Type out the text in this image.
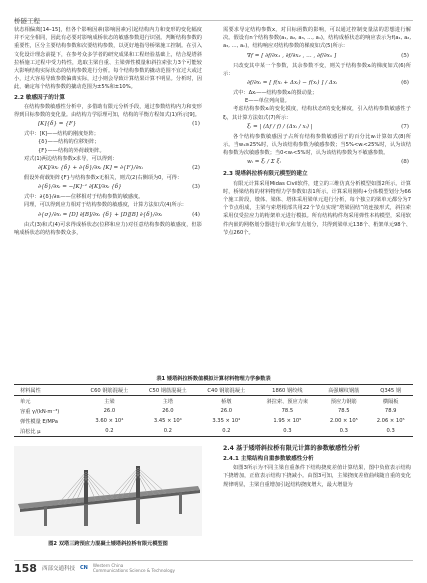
桥隧工程

状态相偏离[14–15]，但各个影响因素(影响因素)引起结构内力和变形的变化幅度并不完全相同，因此有必要对影响成桥状态的敏感参数进行识别。判断结构参数的重要性，区分主要结构参数和次要结构参数，以更好地指导桥梁施工控制。在引入文化设计理念前提下，在参考众多学者的研究成果和工程经验基础上，结合堤塔斜拉桥施工过程中受力特性，选取主梁自重、主梁弹性模量和斜拉索张力3个可能较大影响结构实际状态的结构参数进行分析。每个结构参数的撬动范围不宜过大或过小，过大容易导致参数偏离实际，过小则会导致计算结果计算不明显。分析时，因此，确定每个结构参数的撬动范围为±5%和±10%。

2.2 敏感因子的计算

在结构参数敏感性分析中，多借助有限元分析手段，通过参数结构内力和变形得到目标参数的变化量。由结构力学原理可知，结构的平衡方程如式(1)所示[9]。

[K]{δ} = {F}	(1)

式中：[K]——结构的刚度矩阵；

{δ}——结构的位移矩阵；

{F}——结构的外荷载矩阵。

对式(1)两边结构参数x求导，可以得到：

∂[K]/∂xᵢ {δ} + ∂{δ}/∂xᵢ [K] = ∂{F}/∂xᵢ	(2)

假设外荷载矩阵{F}与结构参数x无相关，则式(2)右侧项为0，可得：

∂{δ}/∂xᵢ = −[K]⁻¹ ∂[K]/∂xᵢ {δ}	(3)

式中：∂{δ}/∂xᵢ——位移相对于结构参数的敏感度。

同理，可以得到应力相对于结构参数的敏感度，计算方法如式(4)所示：

∂{σ}/∂xᵢ = [D] ∂[B]/∂xᵢ {δ} + [D][B] ∂{δ}/∂xᵢ	(4)

由式(3)和式(4)可求得成桥状态(位移和应力)对任意结构参数的敏感度，但影响成桥状态的结构参数众多，

需要求导定结构参数x，对目标函数的影响，可以通过控制变量法的思想进行解决。假设有n个结构参数(a₁, a₂, a₃, …, aₙ)，结构成桥状态的响应表示为f(a₁, a₂, a₃, …, aₙ)，结构响应对结构参数的梯度如式(5)所示：

∇f = [ ∂f/∂x₁ , ∂f/∂x₂ , … , ∂f/∂xₙ ]	(5)

只改变其中某一个参数，其余参数不变，则关于结构参数xᵢ的梯度如式(6)所示：

∂f/∂xᵢ = [ f(xᵢ + Δxᵢ) − f(xᵢ) ] / Δxᵢ	(6)

式中：Δxᵢ——结构参数xᵢ的摄动量；

E——单位列向量。

考虑结构参数xᵢ的变化摸度，结构状态f的变化梯度，引入结构参数敏感性子ξᵢ，其计算方法如式(7)所示：

ξᵢ = | (Δf / f) / (Δxᵢ / xᵢ) |	(7)

各个结构参数敏感因子占所有结构参数敏感因子的百分比wᵢ计算如式(8)所示。当w₁≥25%时，认为该结构参数为敏感参数；当5%<wᵢ<25%时，认为该结构参数为次敏感参数；当0<wᵢ<5%时，认为该结构参数为不敏感参数。

wᵢ = ξᵢ / Σ ξᵢ	(8)
2.3 堤塔斜拉桥有限元模型的建立

有限元计算采用Midas Civil软件，建立的三维仿真分析模型如图2所示。计算时，桥梁结构的材料物理力学参数如表1所示。计算采用刚构+分体模型划分为66个施工阶段，墩体、梁体、塔体采用梁单元进行分析，每个独立的梁单元都分为7个节点组成，主梁与索塔根部共用22个节点实现“塔梁固结”的连接形式，斜拉索采用仅受拉应力的桁架单元进行模拟。所有结构构件均采用弹性本构模型，采用软件内嵌的网格划分器进行单元和节点划分，共得到梁单元138个、桁架单元98个、节点260个。

表1 矮塔斜拉桥数值模拟计算材料物理力学参数表
材料属性	C60 钢筋混凝土	C50 钢筋混凝土	C40 钢筋混凝土	1860 钢绞线	高强螺纹钢筋	Q345 钢
单元	主梁	主塔	桥墩	斜拉索、预应力束	预应力钢筋	横隔板
容重 γ/(kN·m⁻³)	26.0	26.0	26.0	78.5	78.5	78.9
弹性模量 E/MPa	3.60 × 10⁴	3.45 × 10⁴	3.35 × 10⁴	1.95 × 10⁵	2.00 × 10⁵	2.06 × 10⁵
泊松比 μ	0.2	0.2	0.2	0.3	0.3	0.3
图2 双塔三跨预应力混凝土矮塔斜拉桥有限元模型图
2.4 基于矮塔斜拉桥有限元计算的参数敏感性分析
2.4.1 主梁结构自重参数敏感性分析

如图3所示为不同主梁自重条件下结构挠度差值计算结果，图中负值表示结构下挠增加，正值表示结构下挠减小。由图3可知，主梁挠度差值曲线随自重的变化规律明显，主梁自重增加引起结构挠度增大，最大增量为

158 西部交通科技 CN Western China
Communications Science & Technology
